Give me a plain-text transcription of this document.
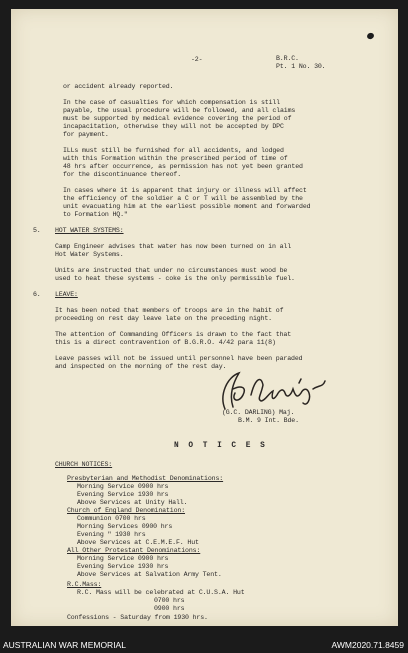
-2-	B.R.C.
Pt. 1 No. 30.
or accident already reported.
In the case of casualties for which compensation is still
payable, the usual procedure will be followed, and all claims
must be supported by medical evidence covering the period of
incapacitation, otherwise they will not be accepted by DPC
for payment.
ILLs must still be furnished for all accidents, and lodged
with this Formation within the prescribed period of time of
48 hrs after occurrence, as permission has not yet been granted
for the discontinuance thereof.
In cases where it is apparent that injury or illness will affect
the efficiency of the soldier a C or T will be assembled by the
unit evacuating him at the earliest possible moment and forwarded
to Formation HQ."
5. HOT WATER SYSTEMS:
Camp Engineer advises that water has now been turned on in all
Hot Water Systems.
Units are instructed that under no circumstances must wood be
used to heat these systems - coke is the only permissible fuel.
6. LEAVE:
It has been noted that members of troops are in the habit of
proceeding on rest day leave late on the preceding night.
The attention of Commanding Officers is drawn to the fact that
this is a direct contravention of B.G.R.O. 4/42 para 11(8)
Leave passes will not be issued until personnel have been paraded
and inspected on the morning of the rest day.
(G.C. DARLING) Maj.
B.M. 9 Int. Bde.
N O T I C E S
CHURCH NOTICES:
Presbyterian and Methodist Denominations:
Morning Service 0900 hrs
Evening Service 1930 hrs
Above Services at Unity Hall.
Church of England Denomination:
Communion 0700 hrs
Morning Services 0900 hrs
Evening " 1930 hrs
Above Services at C.E.M.E.F. Hut
All Other Protestant Denominations:
Morning Service 0900 hrs
Evening Service 1930 hrs
Above Services at Salvation Army Tent.
R.C.Mass:
R.C. Mass will be celebrated at C.U.S.A. Hut
0700 hrs
0900 hrs
Confessions - Saturday from 1930 hrs.
AUSTRALIAN WAR MEMORIAL	AWM2020.71.8459
